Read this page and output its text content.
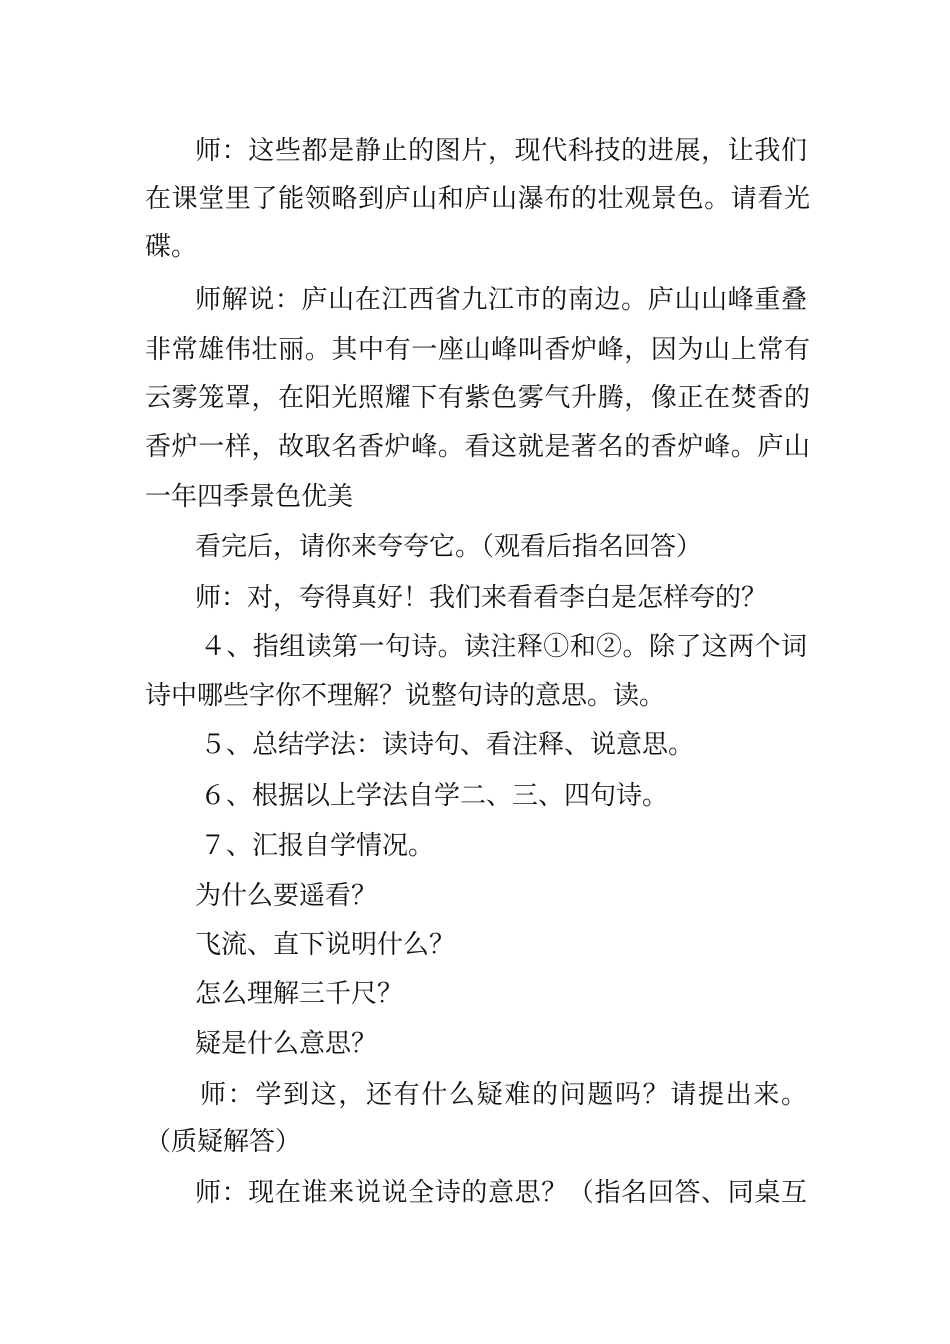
师：这些都是静止的图片，现代科技的进展，让我们
在课堂里了能领略到庐山和庐山瀑布的壮观景色。请看光
碟。
师解说：庐山在江西省九江市的南边。庐山山峰重叠
非常雄伟壮丽。其中有一座山峰叫香炉峰，因为山上常有
云雾笼罩，在阳光照耀下有紫色雾气升腾，像正在焚香的
香炉一样，故取名香炉峰。看这就是著名的香炉峰。庐山
一年四季景色优美
看完后，请你来夸夸它。（观看后指名回答）
师：对，夸得真好！我们来看看李白是怎样夸的？
４、指组读第一句诗。读注释①和②。除了这两个词
诗中哪些字你不理解？说整句诗的意思。读。
５、总结学法：读诗句、看注释、说意思。
６、根据以上学法自学二、三、四句诗。
７、汇报自学情况。
为什么要遥看？
飞流、直下说明什么？
怎么理解三千尺？
疑是什么意思？
师：学到这，还有什么疑难的问题吗？请提出来。
（质疑解答）
师：现在谁来说说全诗的意思？（指名回答、同桌互
